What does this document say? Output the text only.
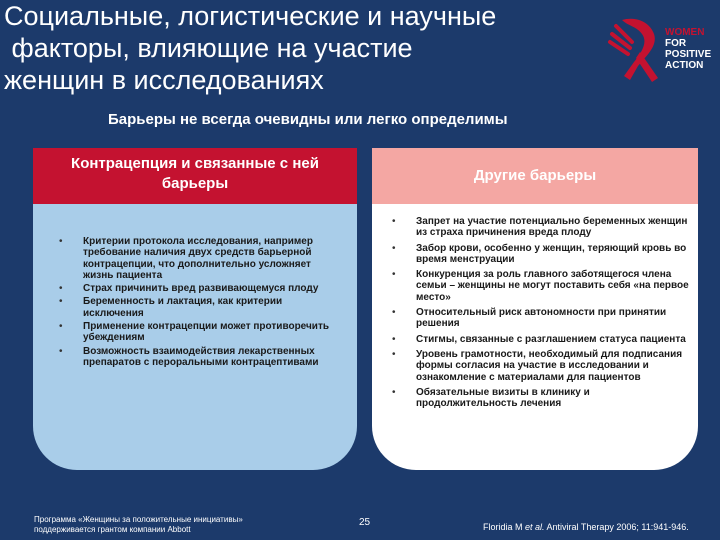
Социальные, логистические и научные
факторы, влияющие на участие
женщин в исследованиях
WOMEN
FOR
POSITIVE
ACTION

Барьеры не всегда очевидны или легко определимы

Контрацепция и связанные с ней
барьеры
• Критерии протокола исследования, например требование наличия двух средств барьерной контрацепции, что дополнительно усложняет жизнь пациента
• Страх причинить вред развивающемуся плоду
• Беременность и лактация, как критерии исключения
• Применение контрацепции может противоречить убеждениям
• Возможность взаимодействия лекарственных препаратов с пероральными контрацептивами
Другие барьеры
• Запрет на участие потенциально беременных женщин из страха причинения вреда плоду
• Забор крови, особенно у женщин, теряющий кровь во время менструации
• Конкуренция за роль главного заботящегося члена семьи – женщины не могут поставить себя «на первое место»
• Относительный риск автономности при принятии решения
• Стигмы, связанные с разглашением статуса пациента
• Уровень грамотности, необходимый для подписания формы согласия на участие в исследовании и ознакомление с материалами для пациентов
• Обязательные визиты в клинику и продолжительность лечения
Программа «Женщины за положительные инициативы»
поддерживается грантом компании Abbott
25	Floridia M et al. Antiviral Therapy 2006; 11:941-946.
